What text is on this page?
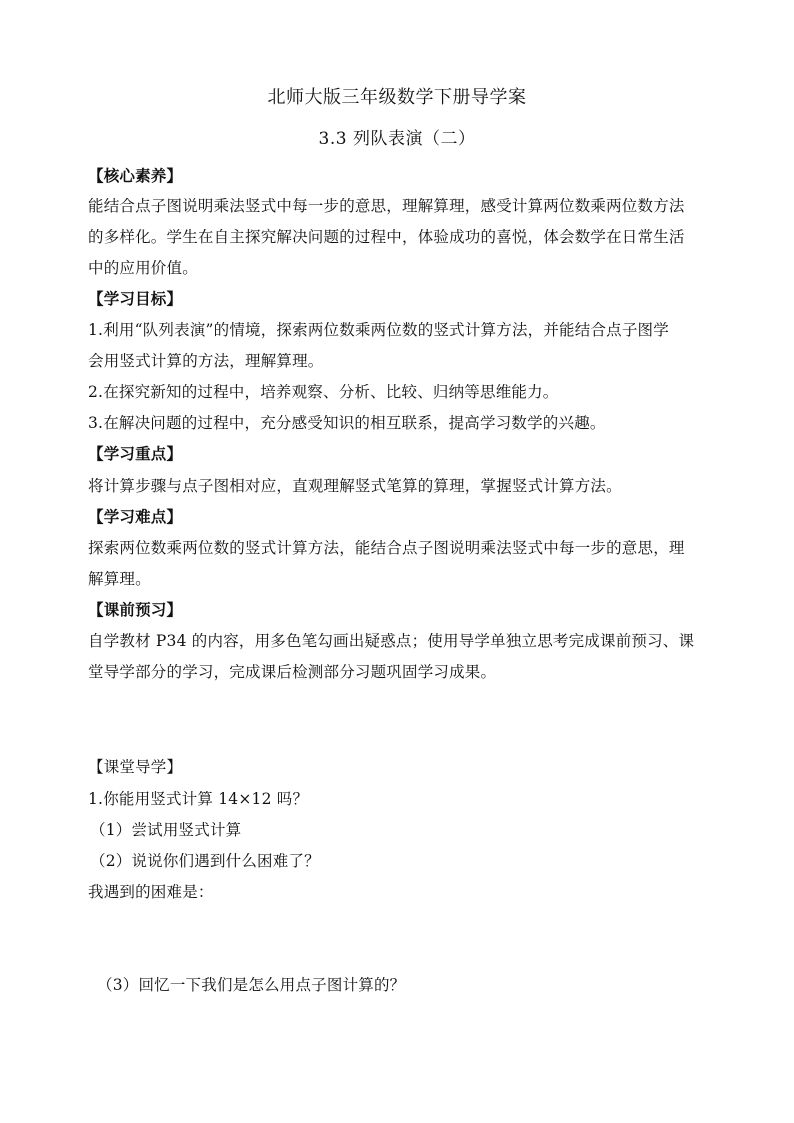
北师大版三年级数学下册导学案
3.3 列队表演（二）
【核心素养】
能结合点子图说明乘法竖式中每一步的意思，理解算理，感受计算两位数乘两位数方法
的多样化。学生在自主探究解决问题的过程中，体验成功的喜悦，体会数学在日常生活
中的应用价值。
【学习目标】
1.利用“队列表演”的情境，探索两位数乘两位数的竖式计算方法，并能结合点子图学
会用竖式计算的方法，理解算理。
2.在探究新知的过程中，培养观察、分析、比较、归纳等思维能力。
3.在解决问题的过程中，充分感受知识的相互联系，提高学习数学的兴趣。
【学习重点】
将计算步骤与点子图相对应，直观理解竖式笔算的算理，掌握竖式计算方法。
【学习难点】
探索两位数乘两位数的竖式计算方法，能结合点子图说明乘法竖式中每一步的意思，理
解算理。
【课前预习】
自学教材 P34 的内容，用多色笔勾画出疑惑点；使用导学单独立思考完成课前预习、课
堂导学部分的学习，完成课后检测部分习题巩固学习成果。
【课堂导学】
1.你能用竖式计算 14×12 吗？
（1）尝试用竖式计算
（2）说说你们遇到什么困难了？
我遇到的困难是：
（3）回忆一下我们是怎么用点子图计算的？
